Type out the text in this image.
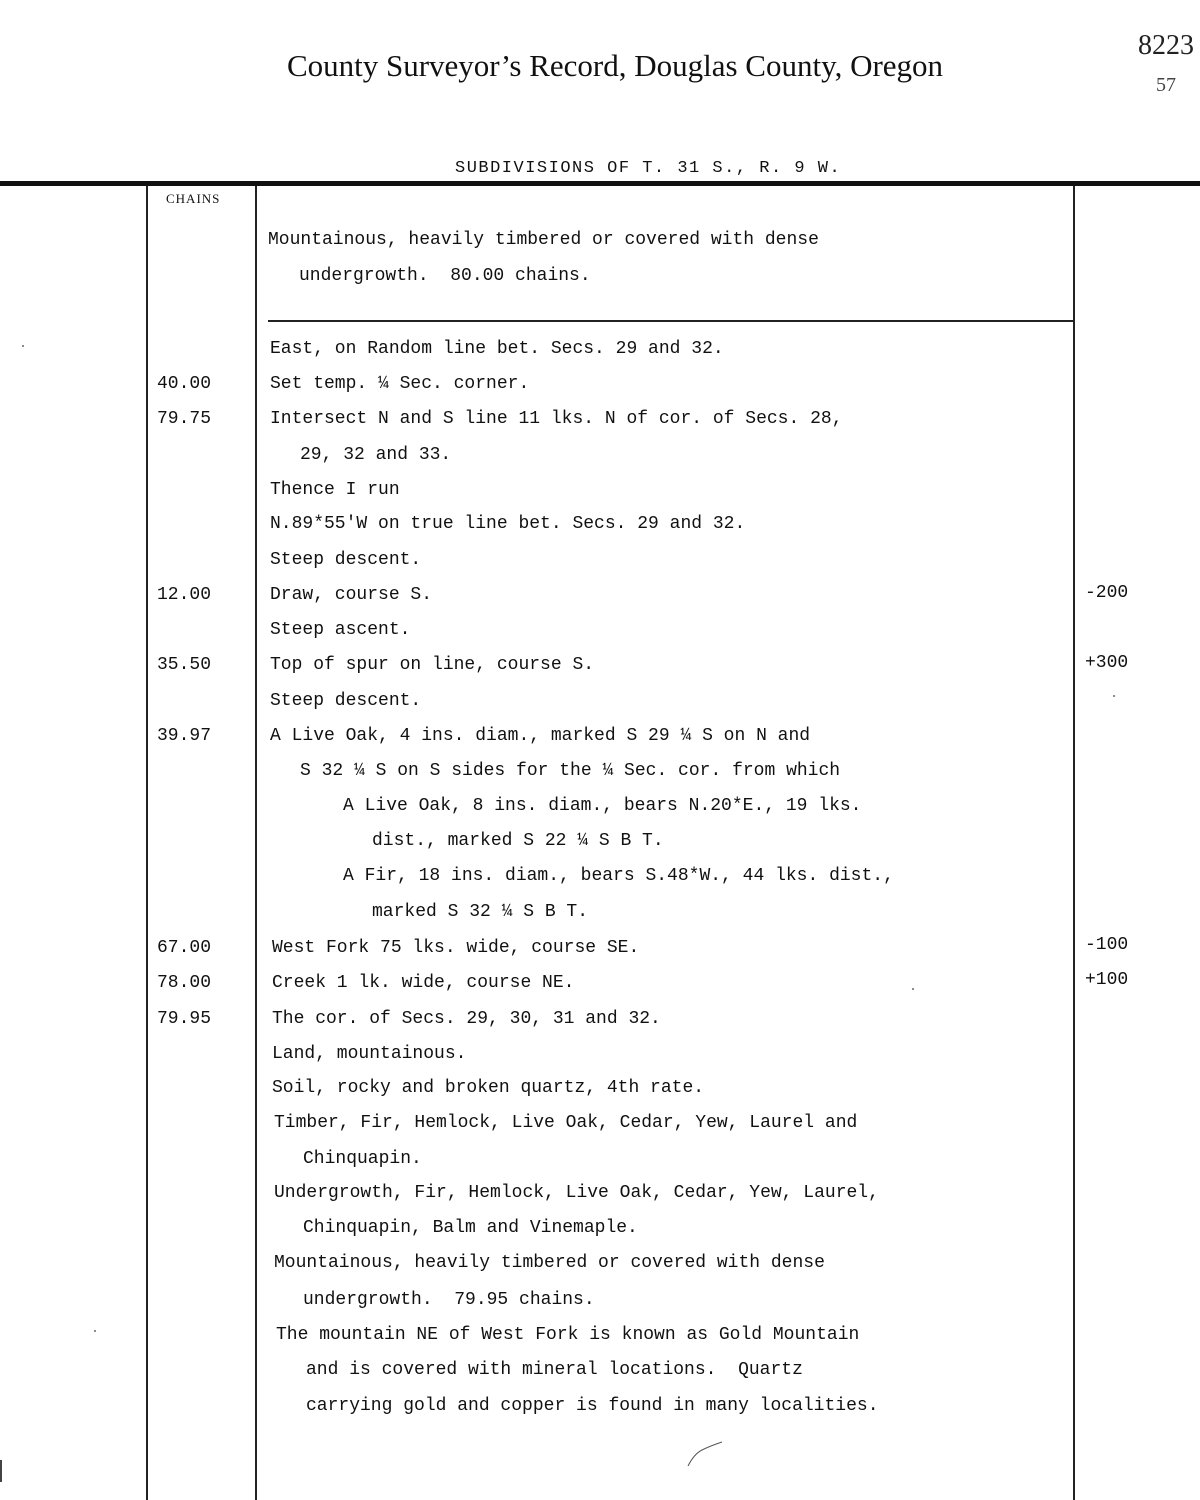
County Surveyor’s Record, Douglas County, Oregon
8223
57
SUBDIVISIONS OF T. 31 S., R. 9 W.
CHAINS
Mountainous, heavily timbered or covered with dense
undergrowth.  80.00 chains.
East, on Random line bet. Secs. 29 and 32.
40.00	Set temp. ¼ Sec. corner.
79.75	Intersect N and S line 11 lks. N of cor. of Secs. 28,
29, 32 and 33.
Thence I run
N.89*55'W on true line bet. Secs. 29 and 32.
Steep descent.
12.00	Draw, course S.	-200
Steep ascent.
35.50	Top of spur on line, course S.	+300
Steep descent.
39.97	A Live Oak, 4 ins. diam., marked S 29 ¼ S on N and
S 32 ¼ S on S sides for the ¼ Sec. cor. from which
A Live Oak, 8 ins. diam., bears N.20*E., 19 lks.
dist., marked S 22 ¼ S B T.
A Fir, 18 ins. diam., bears S.48*W., 44 lks. dist.,
marked S 32 ¼ S B T.
67.00	West Fork 75 lks. wide, course SE.	-100
78.00	Creek 1 lk. wide, course NE.	+100
79.95	The cor. of Secs. 29, 30, 31 and 32.
Land, mountainous.
Soil, rocky and broken quartz, 4th rate.
Timber, Fir, Hemlock, Live Oak, Cedar, Yew, Laurel and
Chinquapin.
Undergrowth, Fir, Hemlock, Live Oak, Cedar, Yew, Laurel,
Chinquapin, Balm and Vinemaple.
Mountainous, heavily timbered or covered with dense
undergrowth.  79.95 chains.
The mountain NE of West Fork is known as Gold Mountain
and is covered with mineral locations.  Quartz
carrying gold and copper is found in many localities.
